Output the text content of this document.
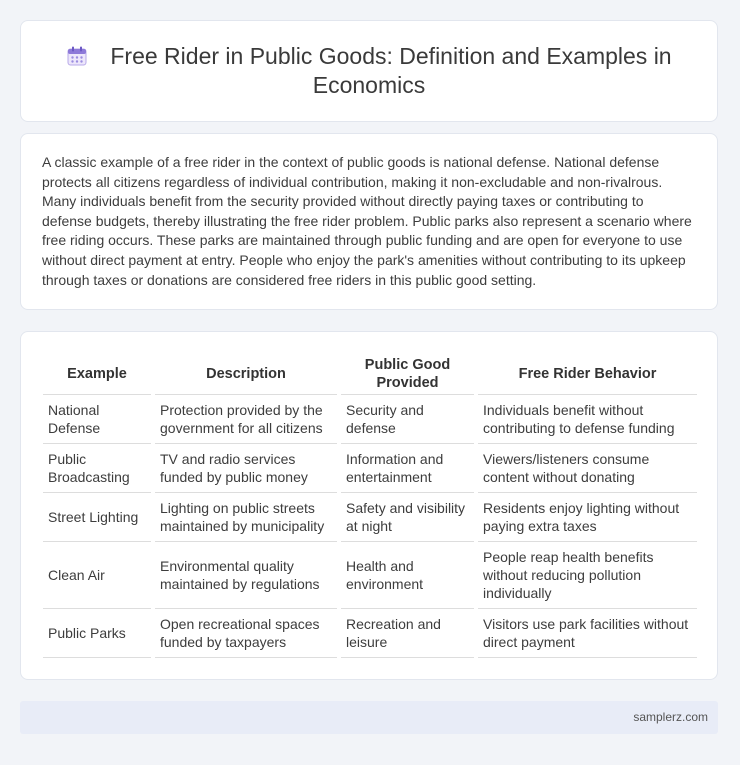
Free Rider in Public Goods: Definition and Examples in Economics

A classic example of a free rider in the context of public goods is national defense. National defense protects all citizens regardless of individual contribution, making it non-excludable and non-rivalrous. Many individuals benefit from the security provided without directly paying taxes or contributing to defense budgets, thereby illustrating the free rider problem. Public parks also represent a scenario where free riding occurs. These parks are maintained through public funding and are open for everyone to use without direct payment at entry. People who enjoy the park's amenities without contributing to its upkeep through taxes or donations are considered free riders in this public good setting.

Example	Description	Public Good Provided	Free Rider Behavior
National Defense	Protection provided by the government for all citizens	Security and defense	Individuals benefit without contributing to defense funding
Public Broadcasting	TV and radio services funded by public money	Information and entertainment	Viewers/listeners consume content without donating
Street Lighting	Lighting on public streets maintained by municipality	Safety and visibility at night	Residents enjoy lighting without paying extra taxes
Clean Air	Environmental quality maintained by regulations	Health and environment	People reap health benefits without reducing pollution individually
Public Parks	Open recreational spaces funded by taxpayers	Recreation and leisure	Visitors use park facilities without direct payment
samplerz.com
